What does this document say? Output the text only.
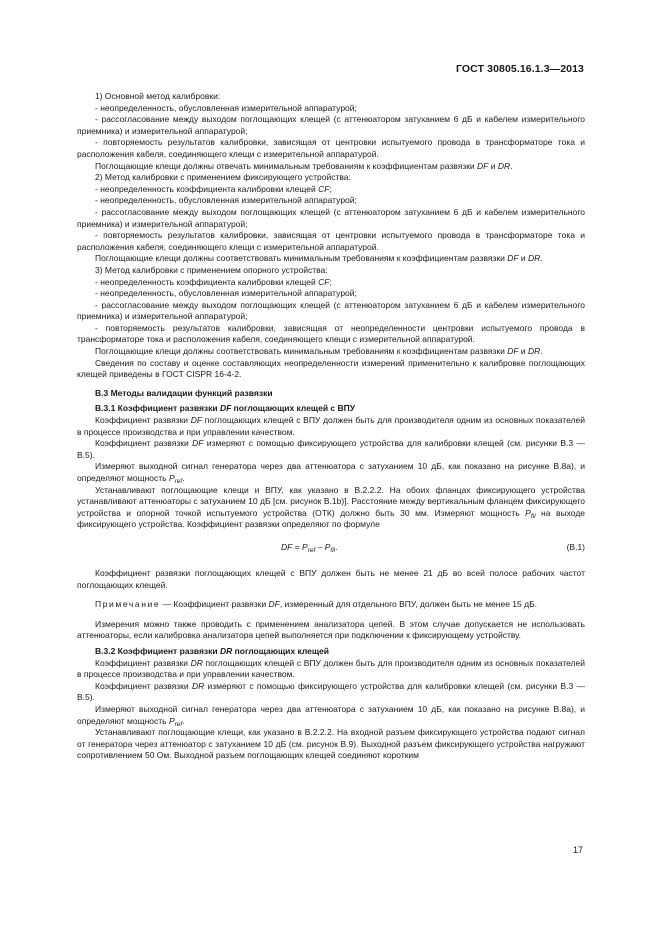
ГОСТ 30805.16.1.3—2013

1) Основной метод калибровки:

- неопределенность, обусловленная измерительной аппаратурой;

- рассогласование между выходом поглощающих клещей (с аттенюатором затуханием 6 дБ и кабелем измерительного приемника) и измерительной аппаратурой;

- повторяемость результатов калибровки, зависящая от центровки испытуемого провода в трансформаторе тока и расположения кабеля, соединяющего клещи с измерительной аппаратурой.

Поглощающие клещи должны отвечать минимальным требованиям к коэффициентам развязки DF и DR.

2) Метод калибровки с применением фиксирующего устройства:

- неопределенность коэффициента калибровки клещей CF;

- неопределенность, обусловленная измерительной аппаратурой;

- рассогласование между выходом поглощающих клещей (с аттенюатором затуханием 6 дБ и кабелем измерительного приемника) и измерительной аппаратурой;

- повторяемость результатов калибровки, зависящая от центровки испытуемого провода в трансформаторе тока и расположения кабеля, соединяющего клещи с измерительной аппаратурой.

Поглощающие клещи должны соответствовать минимальным требованиям к коэффициентам развязки DF и DR.

3) Метод калибровки с применением опорного устройства:

- неопределенность коэффициента калибровки клещей CF;

- неопределенность, обусловленная измерительной аппаратурой;

- рассогласование между выходом поглощающих клещей (с аттенюатором затуханием 6 дБ и кабелем измерительного приемника) и измерительной аппаратурой;

- повторяемость результатов калибровки, зависящая от неопределенности центровки испытуемого провода в трансформаторе тока и расположения кабеля, соединяющего клещи с измерительной аппаратурой.

Поглощающие клещи должны соответствовать минимальным требованиям к коэффициентам развязки DF и DR.

Сведения по составу и оценке составляющих неопределенности измерений применительно к калибровке поглощающих клещей приведены в ГОСТ CISPR 16-4-2.

В.3 Методы валидации функций развязки

В.3.1 Коэффициент развязки DF поглощающих клещей с ВПУ

Коэффициент развязки DF поглощающих клещей с ВПУ должен быть для производителя одним из основных показателей в процессе производства и при управлении качеством.

Коэффициент развязки DF измеряют с помощью фиксирующего устройства для калибровки клещей (см. рисунки В.3 — В.5).

Измеряют выходной сигнал генератора через два аттенюатора с затуханием 10 дБ, как показано на рисунке В.8а), и определяют мощность $P_{ref}$.

Устанавливают поглощающие клещи и ВПУ, как указано в В.2.2.2. На обоих фланцах фиксирующего устройства устанавливают аттенюаторы с затуханием 10 дБ [см. рисунок В.1b)]. Расстояние между вертикальным фланцем фиксирующего устройства и опорной точкой испытуемого устройства (ОТК) должно быть 30 мм. Измеряют мощность $P_{fil}$ на выходе фиксирующего устройства. Коэффициент развязки определяют по формуле

DF = $P_{ref} - P_{fil}$.	(В.1)

Коэффициент развязки поглощающих клещей с ВПУ должен быть не менее 21 дБ во всей полосе рабочих частот поглощающих клещей.

Примечание — Коэффициент развязки DF, измеренный для отдельного ВПУ, должен быть не менее 15 дБ.

Измерения можно также проводить с применением анализатора цепей. В этом случае допускается не использовать аттенюаторы, если калибровка анализатора цепей выполняется при подключении к фиксирующему устройству.

В.3.2 Коэффициент развязки DR поглощающих клещей

Коэффициент развязки DR поглощающих клещей с ВПУ должен быть для производителя одним из основных показателей в процессе производства и при управлении качеством.

Коэффициент развязки DR измеряют с помощью фиксирующего устройства для калибровки клещей (см. рисунки В.3 — В.5).

Измеряют выходной сигнал генератора через два аттенюатора с затуханием 10 дБ, как показано на рисунке В.8а), и определяют мощность $P_{ref}$.

Устанавливают поглощающие клещи, как указано в В.2.2.2. На входной разъем фиксирующего устройства подают сигнал от генератора через аттенюатор с затуханием 10 дБ (см. рисунок В.9). Выходной разъем фиксирующего устройства нагружают сопротивлением 50 Ом. Выходной разъем поглощающих клещей соединяют коротким

17
